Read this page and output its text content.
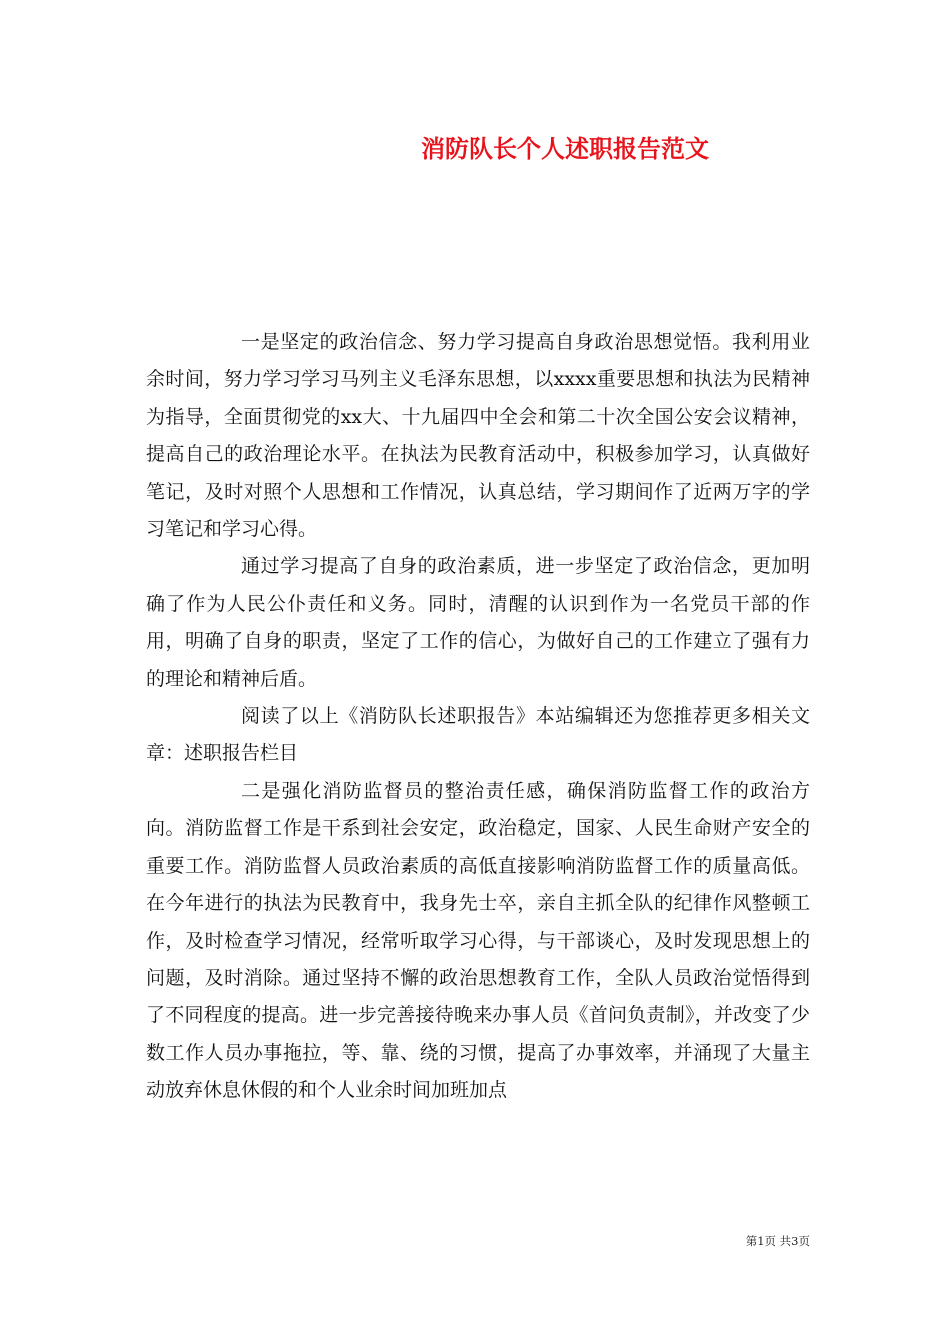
消防队长个人述职报告范文

一是坚定的政治信念、努力学习提高自身政治思想觉悟。我利用业余时间，努力学习学习马列主义毛泽东思想，以xxxx重要思想和执法为民精神为指导，全面贯彻党的xx大、十九届四中全会和第二十次全国公安会议精神，提高自己的政治理论水平。在执法为民教育活动中，积极参加学习，认真做好笔记，及时对照个人思想和工作情况，认真总结，学习期间作了近两万字的学习笔记和学习心得。

通过学习提高了自身的政治素质，进一步坚定了政治信念，更加明确了作为人民公仆责任和义务。同时，清醒的认识到作为一名党员干部的作用，明确了自身的职责，坚定了工作的信心，为做好自己的工作建立了强有力的理论和精神后盾。

阅读了以上《消防队长述职报告》本站编辑还为您推荐更多相关文章：述职报告栏目

二是强化消防监督员的整治责任感，确保消防监督工作的政治方向。消防监督工作是干系到社会安定，政治稳定，国家、人民生命财产安全的重要工作。消防监督人员政治素质的高低直接影响消防监督工作的质量高低。在今年进行的执法为民教育中，我身先士卒，亲自主抓全队的纪律作风整顿工作，及时检查学习情况，经常听取学习心得，与干部谈心，及时发现思想上的问题，及时消除。通过坚持不懈的政治思想教育工作，全队人员政治觉悟得到了不同程度的提高。进一步完善接待晚来办事人员《首问负责制》，并改变了少数工作人员办事拖拉，等、靠、绕的习惯，提高了办事效率，并涌现了大量主动放弃休息休假的和个人业余时间加班加点

第1页 共3页
